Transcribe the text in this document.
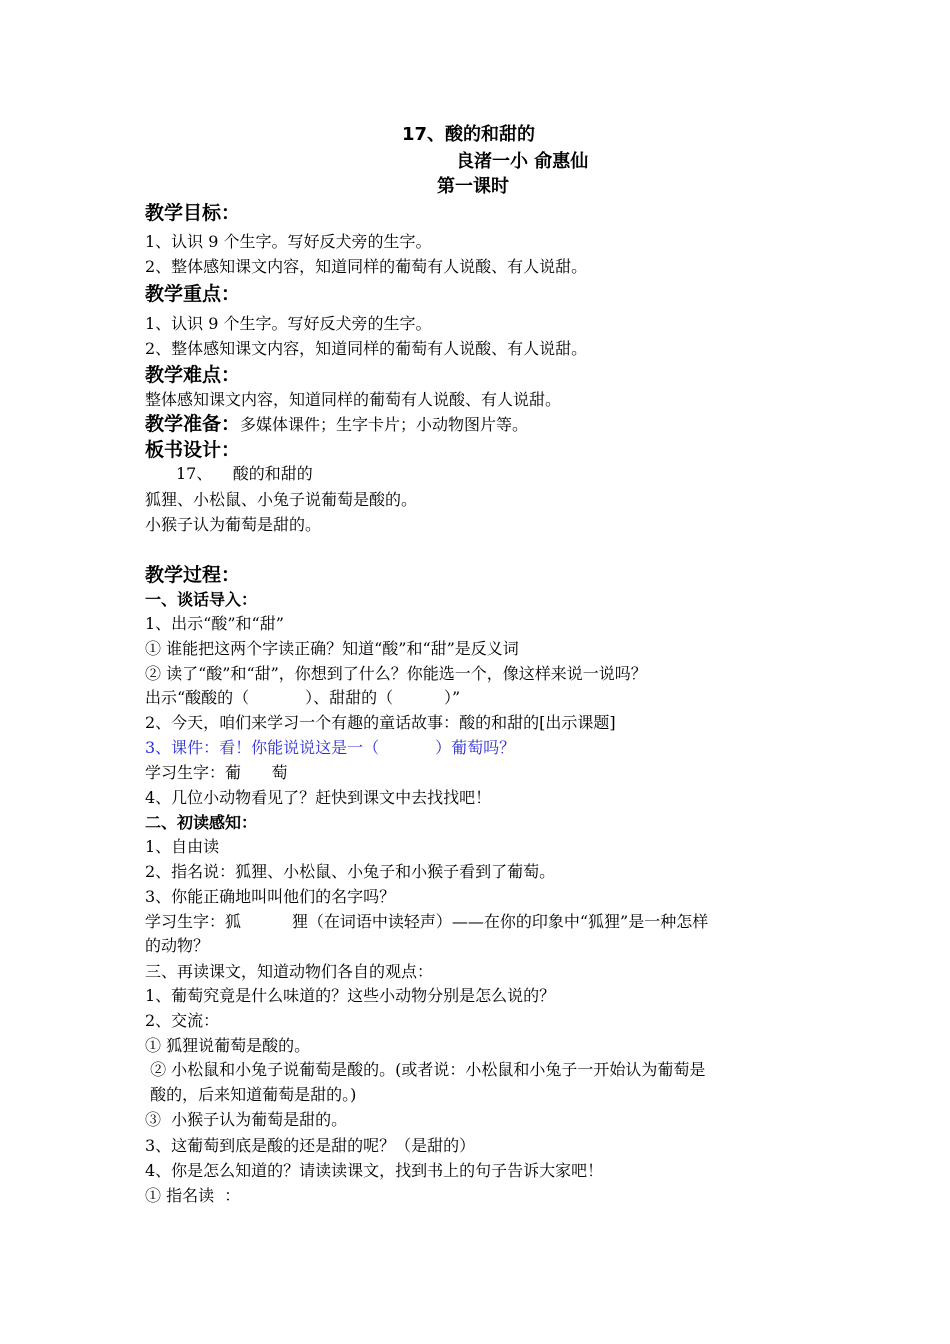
17、酸的和甜的
良渚一小 俞惠仙
第一课时
教学目标：
1、认识 9 个生字。写好反犬旁的生字。
2、整体感知课文内容，知道同样的葡萄有人说酸、有人说甜。
教学重点：
1、认识 9 个生字。写好反犬旁的生字。
2、整体感知课文内容，知道同样的葡萄有人说酸、有人说甜。
教学难点：
整体感知课文内容，知道同样的葡萄有人说酸、有人说甜。
教学准备：多媒体课件；生字卡片；小动物图片等。
板书设计：
17、    酸的和甜的
狐狸、小松鼠、小兔子说葡萄是酸的。
小猴子认为葡萄是甜的。
教学过程：
一、谈话导入：
1、出示“酸”和“甜”
① 谁能把这两个字读正确？知道“酸”和“甜”是反义词
② 读了“酸”和“甜”，你想到了什么？你能选一个，像这样来说一说吗？
出示“酸酸的（           ）、甜甜的（          ）”
2、今天，咱们来学习一个有趣的童话故事：酸的和甜的[出示课题]
3、课件：看！你能说说这是一（           ）葡萄吗？
学习生字：葡      萄
4、几位小动物看见了？赶快到课文中去找找吧！
二、初读感知：
1、自由读
2、指名说：狐狸、小松鼠、小兔子和小猴子看到了葡萄。
3、你能正确地叫叫他们的名字吗？
学习生字：狐          狸（在词语中读轻声）——在你的印象中“狐狸”是一种怎样
的动物？
三、再读课文，知道动物们各自的观点：
1、葡萄究竟是什么味道的？这些小动物分别是怎么说的？
2、交流：
① 狐狸说葡萄是酸的。
② 小松鼠和小兔子说葡萄是酸的。(或者说：小松鼠和小兔子一开始认为葡萄是
酸的，后来知道葡萄是甜的。)
③  小猴子认为葡萄是甜的。
3、这葡萄到底是酸的还是甜的呢？（是甜的）
4、你是怎么知道的？请读读课文，找到书上的句子告诉大家吧！
① 指名读  ：
